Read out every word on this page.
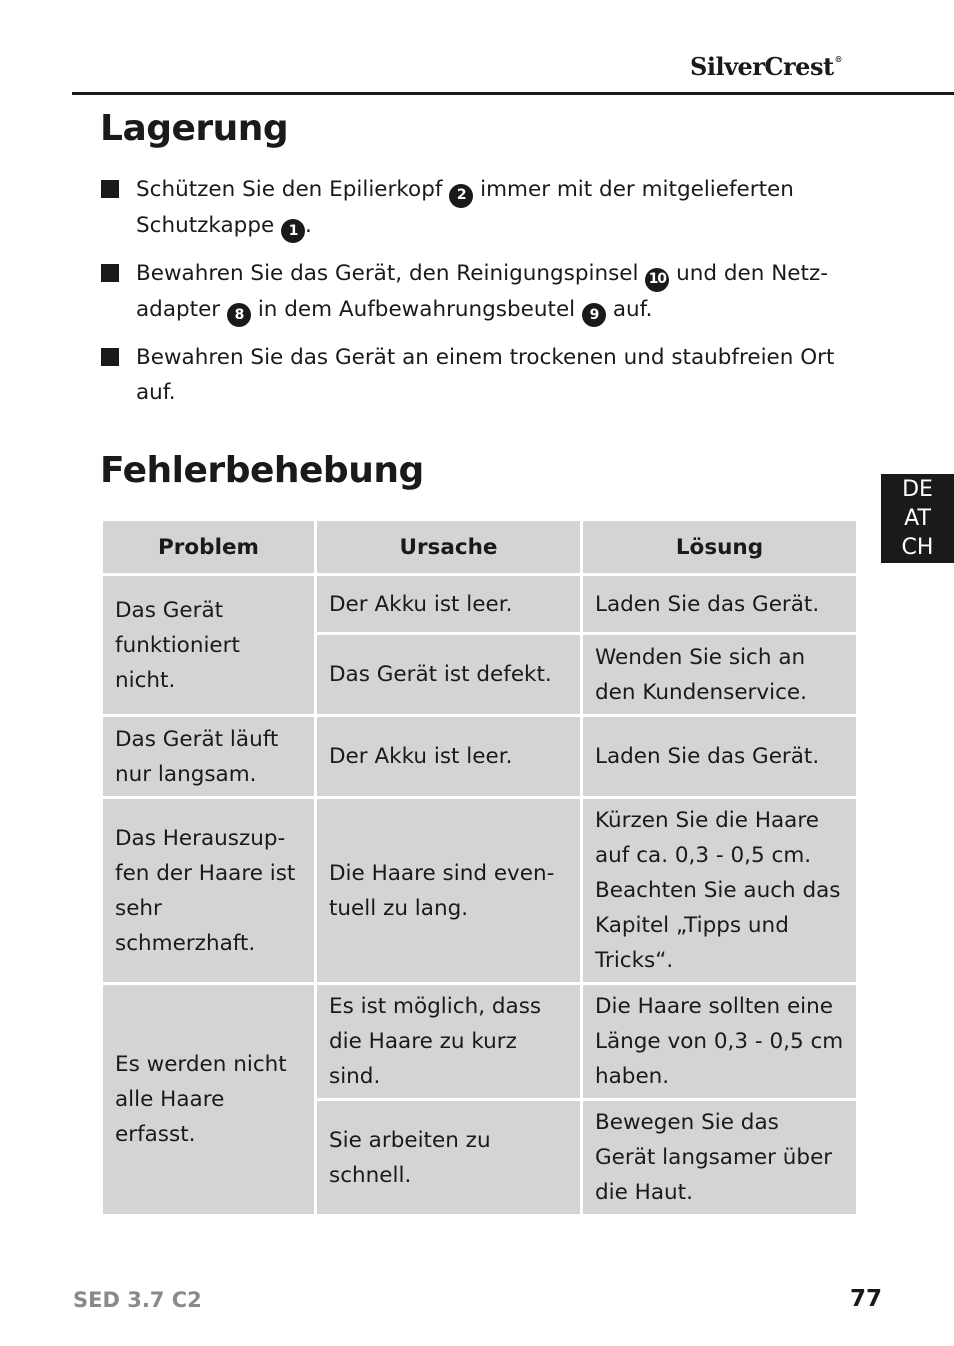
SilverCrest®
Lagerung
Schützen Sie den Epilierkopf 2 immer mit der mitgelieferten Schutzkappe 1 .
Bewahren Sie das Gerät, den Reinigungspinsel 10 und den Netz-adapter 8 in dem Aufbewahrungsbeutel 9 auf.
Bewahren Sie das Gerät an einem trockenen und staubfreien Ort auf.
Fehlerbehebung	DE
AT
CH
Problem	Ursache	Lösung
Das Gerät funktioniert nicht.	Der Akku ist leer.	Laden Sie das Gerät.
	Das Gerät ist defekt.	Wenden Sie sich an den Kundenservice.
Das Gerät läuft nur langsam.	Der Akku ist leer.	Laden Sie das Gerät.
Das Herauszup-fen der Haare ist sehr schmerzhaft.	Die Haare sind even-tuell zu lang.	Kürzen Sie die Haare auf ca. 0,3 - 0,5 cm. Beachten Sie auch das Kapitel „Tipps und Tricks“.
Es werden nicht alle Haare erfasst.	Es ist möglich, dass die Haare zu kurz sind.	Die Haare sollten eine Länge von 0,3 - 0,5 cm haben.
	Sie arbeiten zu schnell.	Bewegen Sie das Gerät langsamer über die Haut.
SED 3.7 C2	77
